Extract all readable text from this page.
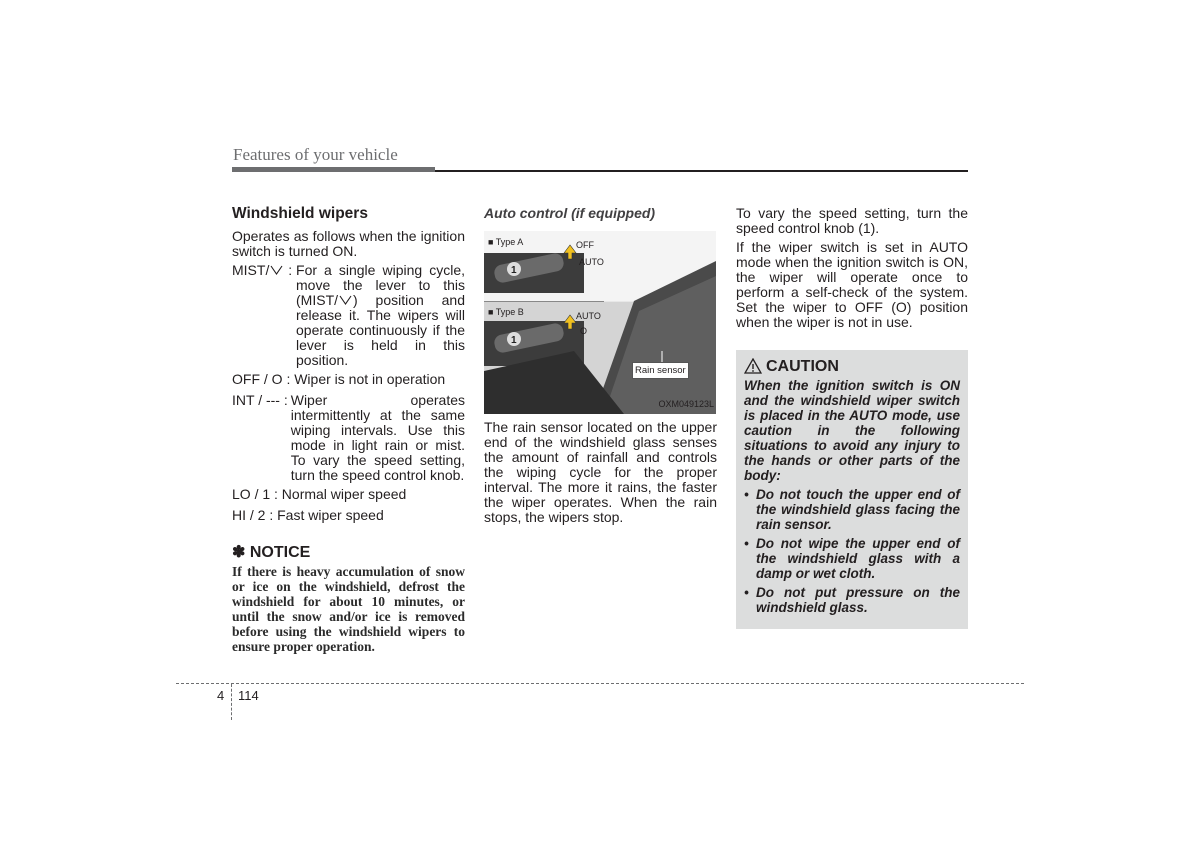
Features of your vehicle
Windshield wipers

Operates as follows when the ignition switch is turned ON.

MIST/ : For a single wiping cycle, move the lever to this (MIST/ ) position and release it. The wipers will operate continuously if the lever is held in this position.
OFF / O : Wiper is not in operation
INT / --- : Wiper operates intermittently at the same wiping intervals. Use this mode in light rain or mist. To vary the speed setting, turn the speed control knob.
LO / 1 : Normal wiper speed
HI / 2 : Fast wiper speed
✽ NOTICE

If there is heavy accumulation of snow or ice on the windshield, defrost the windshield for about 10 minutes, or until the snow and/or ice is removed before using the windshield wipers to ensure proper operation.

Auto control (if equipped)
1
1
■ Type A	OFF
AUTO
■ Type B	AUTO
O
Rain sensor
OXM049123L

The rain sensor located on the upper end of the windshield glass senses the amount of rainfall and controls the wiping cycle for the proper interval. The more it rains, the faster the wiper operates. When the rain stops, the wipers stop.

To vary the speed setting, turn the speed control knob (1).

If the wiper switch is set in AUTO mode when the ignition switch is ON, the wiper will operate once to perform a self-check of the system. Set the wiper to OFF (O) position when the wiper is not in use.

CAUTION

When the ignition switch is ON and the windshield wiper switch is placed in the AUTO mode, use caution in the following situations to avoid any injury to the hands or other parts of the body:

• Do not touch the upper end of the windshield glass facing the rain sensor.
• Do not wipe the upper end of the windshield glass with a damp or wet cloth.
• Do not put pressure on the windshield glass.
4 114
